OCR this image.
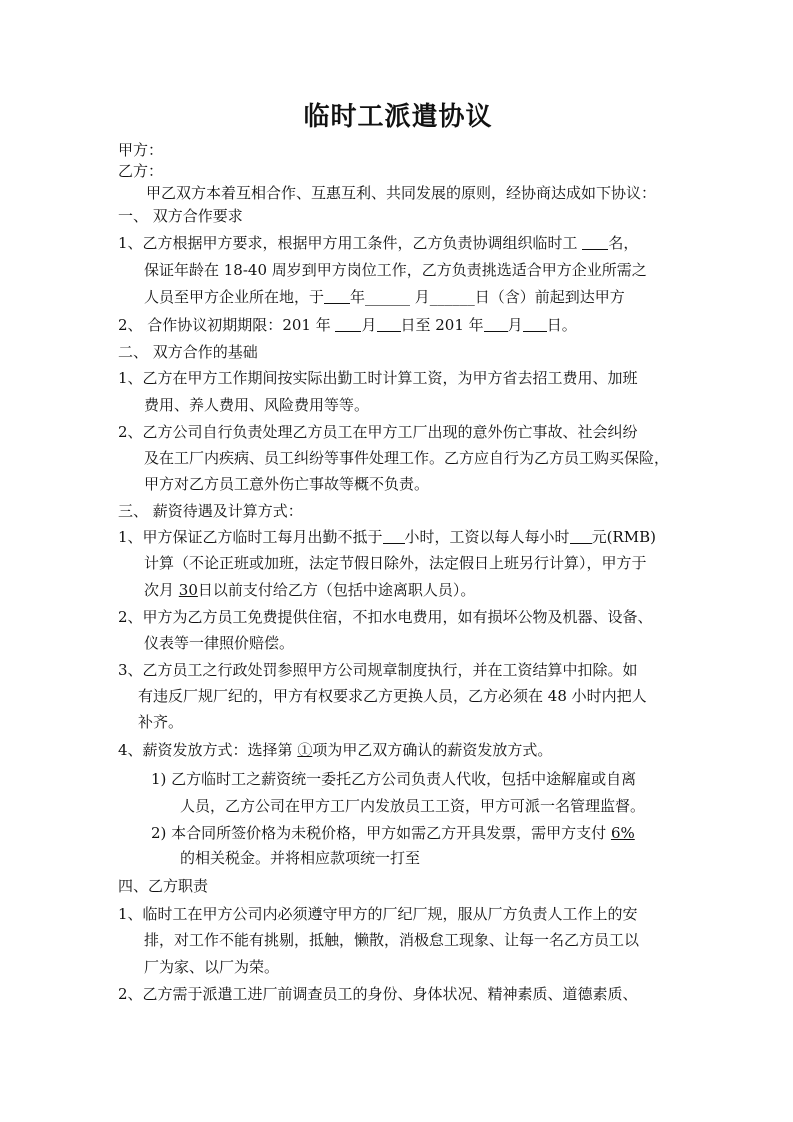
临时工派遣协议
甲方：
乙方：
甲乙双方本着互相合作、互惠互利、共同发展的原则，经协商达成如下协议：
一、 双方合作要求
1、乙方根据甲方要求，根据甲方用工条件，乙方负责协调组织临时工 名，
保证年龄在 18-40 周岁到甲方岗位工作，乙方负责挑选适合甲方企业所需之
人员至甲方企业所在地，于 年______ 月______日（含）前起到达甲方
2、 合作协议初期期限：201 年 月 日至 201 年 月 日。
二、 双方合作的基础
1、乙方在甲方工作期间按实际出勤工时计算工资，为甲方省去招工费用、加班
费用、养人费用、风险费用等等。
2、乙方公司自行负责处理乙方员工在甲方工厂出现的意外伤亡事故、社会纠纷
及在工厂内疾病、员工纠纷等事件处理工作。乙方应自行为乙方员工购买保险，
甲方对乙方员工意外伤亡事故等概不负责。
三、 薪资待遇及计算方式：
1、甲方保证乙方临时工每月出勤不抵于 小时，工资以每人每小时 元(RMB)
计算（不论正班或加班，法定节假日除外，法定假日上班另行计算），甲方于
次月 30日以前支付给乙方（包括中途离职人员）。
2、甲方为乙方员工免费提供住宿，不扣水电费用，如有损坏公物及机器、设备、
仪表等一律照价赔偿。
3、乙方员工之行政处罚参照甲方公司规章制度执行，并在工资结算中扣除。如
有违反厂规厂纪的，甲方有权要求乙方更换人员，乙方必须在 48 小时内把人
补齐。
4、薪资发放方式：选择第 ①项为甲乙双方确认的薪资发放方式。
1) 乙方临时工之薪资统一委托乙方公司负责人代收，包括中途解雇或自离
人员，乙方公司在甲方工厂内发放员工工资，甲方可派一名管理监督。
2) 本合同所签价格为未税价格，甲方如需乙方开具发票，需甲方支付 6%
的相关税金。并将相应款项统一打至
四、乙方职责
1、临时工在甲方公司内必须遵守甲方的厂纪厂规，服从厂方负责人工作上的安
排，对工作不能有挑剔，抵触，懒散，消极怠工现象、让每一名乙方员工以
厂为家、以厂为荣。
2、乙方需于派遣工进厂前调查员工的身份、身体状况、精神素质、道德素质、
